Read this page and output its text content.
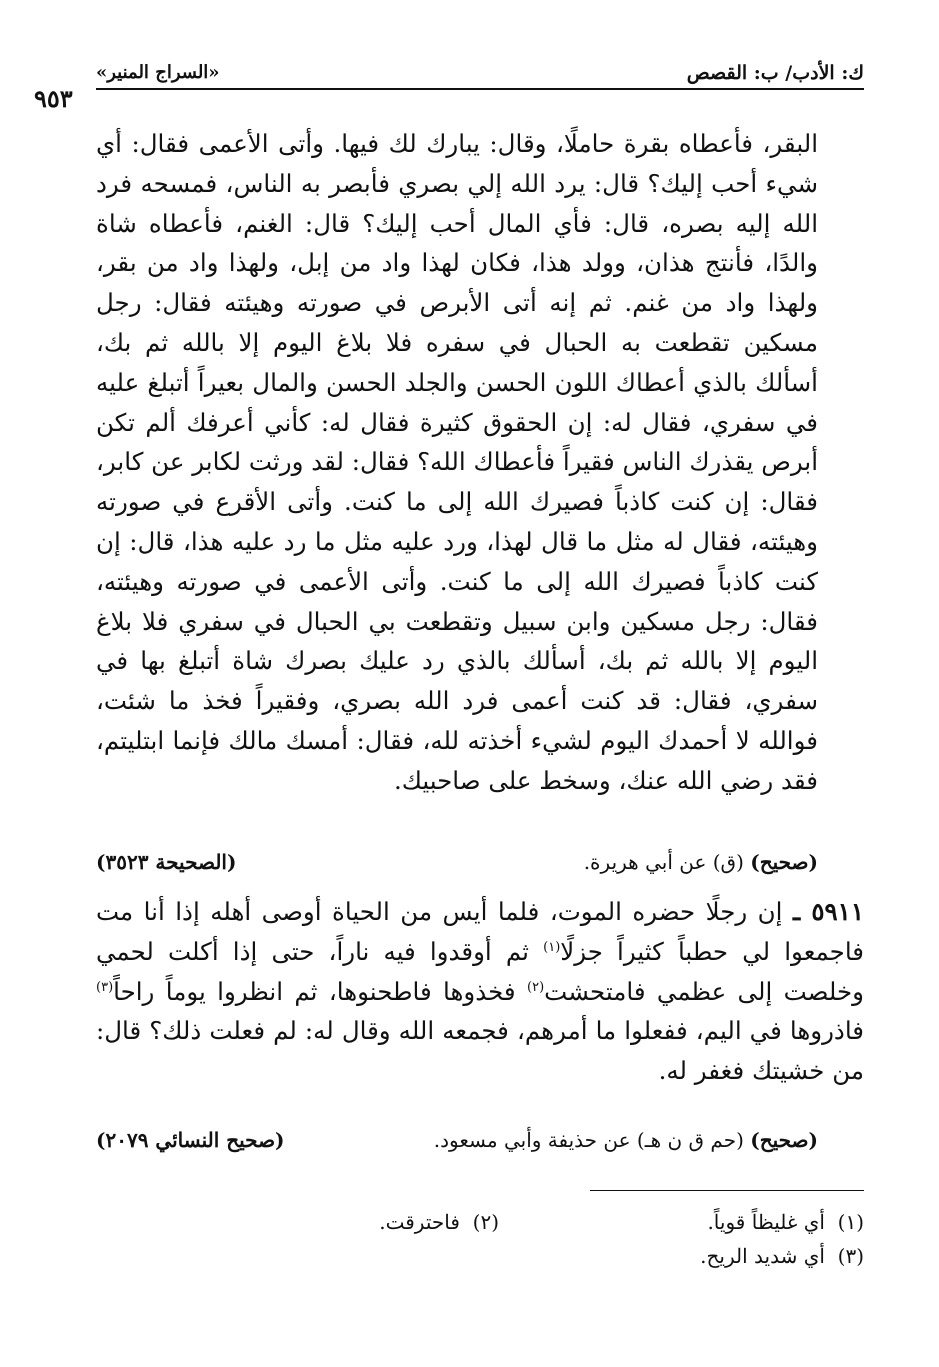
ك: الأدب/ ب: القصص
«السراج المنير»
٩٥٣
البقر، فأعطاه بقرة حاملًا، وقال: يبارك لك فيها. وأتى الأعمى فقال: أي شيء أحب إليك؟ قال: يرد الله إلي بصري فأبصر به الناس، فمسحه فرد الله إليه بصره، قال: فأي المال أحب إليك؟ قال: الغنم، فأعطاه شاة والدًا، فأنتج هذان، وولد هذا، فكان لهذا واد من إبل، ولهذا واد من بقر، ولهذا واد من غنم. ثم إنه أتى الأبرص في صورته وهيئته فقال: رجل مسكين تقطعت به الحبال في سفره فلا بلاغ اليوم إلا بالله ثم بك، أسألك بالذي أعطاك اللون الحسن والجلد الحسن والمال بعيراً أتبلغ عليه في سفري، فقال له: إن الحقوق كثيرة فقال له: كأني أعرفك ألم تكن أبرص يقذرك الناس فقيراً فأعطاك الله؟ فقال: لقد ورثت لكابر عن كابر، فقال: إن كنت كاذباً فصيرك الله إلى ما كنت. وأتى الأقرع في صورته وهيئته، فقال له مثل ما قال لهذا، ورد عليه مثل ما رد عليه هذا، قال: إن كنت كاذباً فصيرك الله إلى ما كنت. وأتى الأعمى في صورته وهيئته، فقال: رجل مسكين وابن سبيل وتقطعت بي الحبال في سفري فلا بلاغ اليوم إلا بالله ثم بك، أسألك بالذي رد عليك بصرك شاة أتبلغ بها في سفري، فقال: قد كنت أعمى فرد الله بصري، وفقيراً فخذ ما شئت، فوالله لا أحمدك اليوم لشيء أخذته لله، فقال: أمسك مالك فإنما ابتليتم، فقد رضي الله عنك، وسخط على صاحبيك.
(صحيح) (ق) عن أبي هريرة.
(الصحيحة ٣٥٢٣)
٥٩١١ ـ إن رجلًا حضره الموت، فلما أيس من الحياة أوصى أهله إذا أنا مت فاجمعوا لي حطباً كثيراً جزلًا$^{(١)}$ ثم أوقدوا فيه ناراً، حتى إذا أكلت لحمي وخلصت إلى عظمي فامتحشت$^{(٢)}$ فخذوها فاطحنوها، ثم انظروا يوماً راحاً$^{(٣)}$ فاذروها في اليم، ففعلوا ما أمرهم، فجمعه الله وقال له: لم فعلت ذلك؟ قال: من خشيتك فغفر له.
(صحيح) (حم ق ن هـ) عن حذيفة وأبي مسعود.
(صحيح النسائي ٢٠٧٩)
(١)  أي غليظاً قوياً.
(٢)  فاحترقت.
(٣)  أي شديد الريح.
